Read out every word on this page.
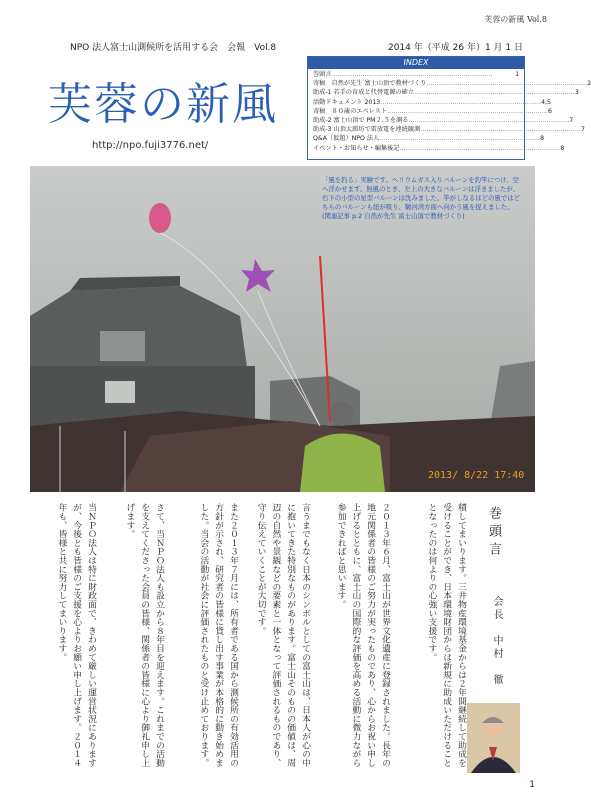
芙蓉の新風 Vol.8
NPO 法人富士山測候所を活用する会　会報　Vol.8	2014 年（平成 26 年）1 月 1 日
芙蓉の新風
http://npo.fuji3776.net/
INDEX
巻頭言 ……………………………………………………………………	1
寄稿　自然が先生 富士山頂で教材づくり …………………………………………………………………… 2
助成-1 若手の育成と代替電源の確立 …………………………………………………………………… 3
活動ドキュメント 2013 …………………………………………………………………… 4,5
寄稿　８０歳のエベレスト …………………………………………………………………… 6
助成-2 富士山頂で PM２.５を測る …………………………………………………………………… 7
助成-3 山頂太郎坊で雷放電を連続観測 …………………………………………………………………… 7
Q&A（仮題）NPO 法人 …………………………………………………………………… 8
イベント・お知らせ・編集後記 …………………………………………………………………… 8
「風を釣る」実験です。ヘリウムガス入りバルーンを釣竿につけ、空へ浮かせます。無風のとき、左上の大きなバルーンは浮きましたが、右下の小型の星型バルーンは沈みました。竿がしなるほどの風ではどちらのバルーンも紐が吸り、駿河湾方面へ向かう風を捉えました。
(関連記事 p.2 自然が先生 富士山頂で教材づくり)
2013/ 8/22 17:40
巻頭言
会長　中村　徹
積してまいります。三井物産環境基金からは２年間継続して助成を受けることができ、日本環境財団からは新規に助成いただけることとなったのは何よりの心強い支援です。
２０１３年６月、富士山が世界文化遺産に登録されました。長年の地元関係者の皆様のご努力が実ったものであり、心からお祝い申し上げるとともに、富士山の国際的な評価を高める活動に微力ながら参加できればと思います。
言うまでもなく日本のシンボルとしての富士山は、日本人が心の中に抱いてきた特別なものがあります。富士山そのものの価値は、周辺の自然や景観などの要素と一体となって評価されるものであり、守り伝えていくことが大切です。
また２０１３年７月には、所有者である国から測候所の有効活用の方針が示され、研究者の皆様に貸し出す事業が本格的に動き始めました。当会の活動が社会に評価されたものと受け止めております。
さて、当ＮＰＯ法人も設立から８年目を迎えます。これまでの活動を支えてくださった会員の皆様、関係者の皆様に心より御礼申し上げます。
当ＮＰＯ法人は特に財政面で、きわめて厳しい運営状況にありますが、今後とも皆様のご支援を心よりお願い申し上げます。２０１４年も、皆様と共に努力してまいります。
1
